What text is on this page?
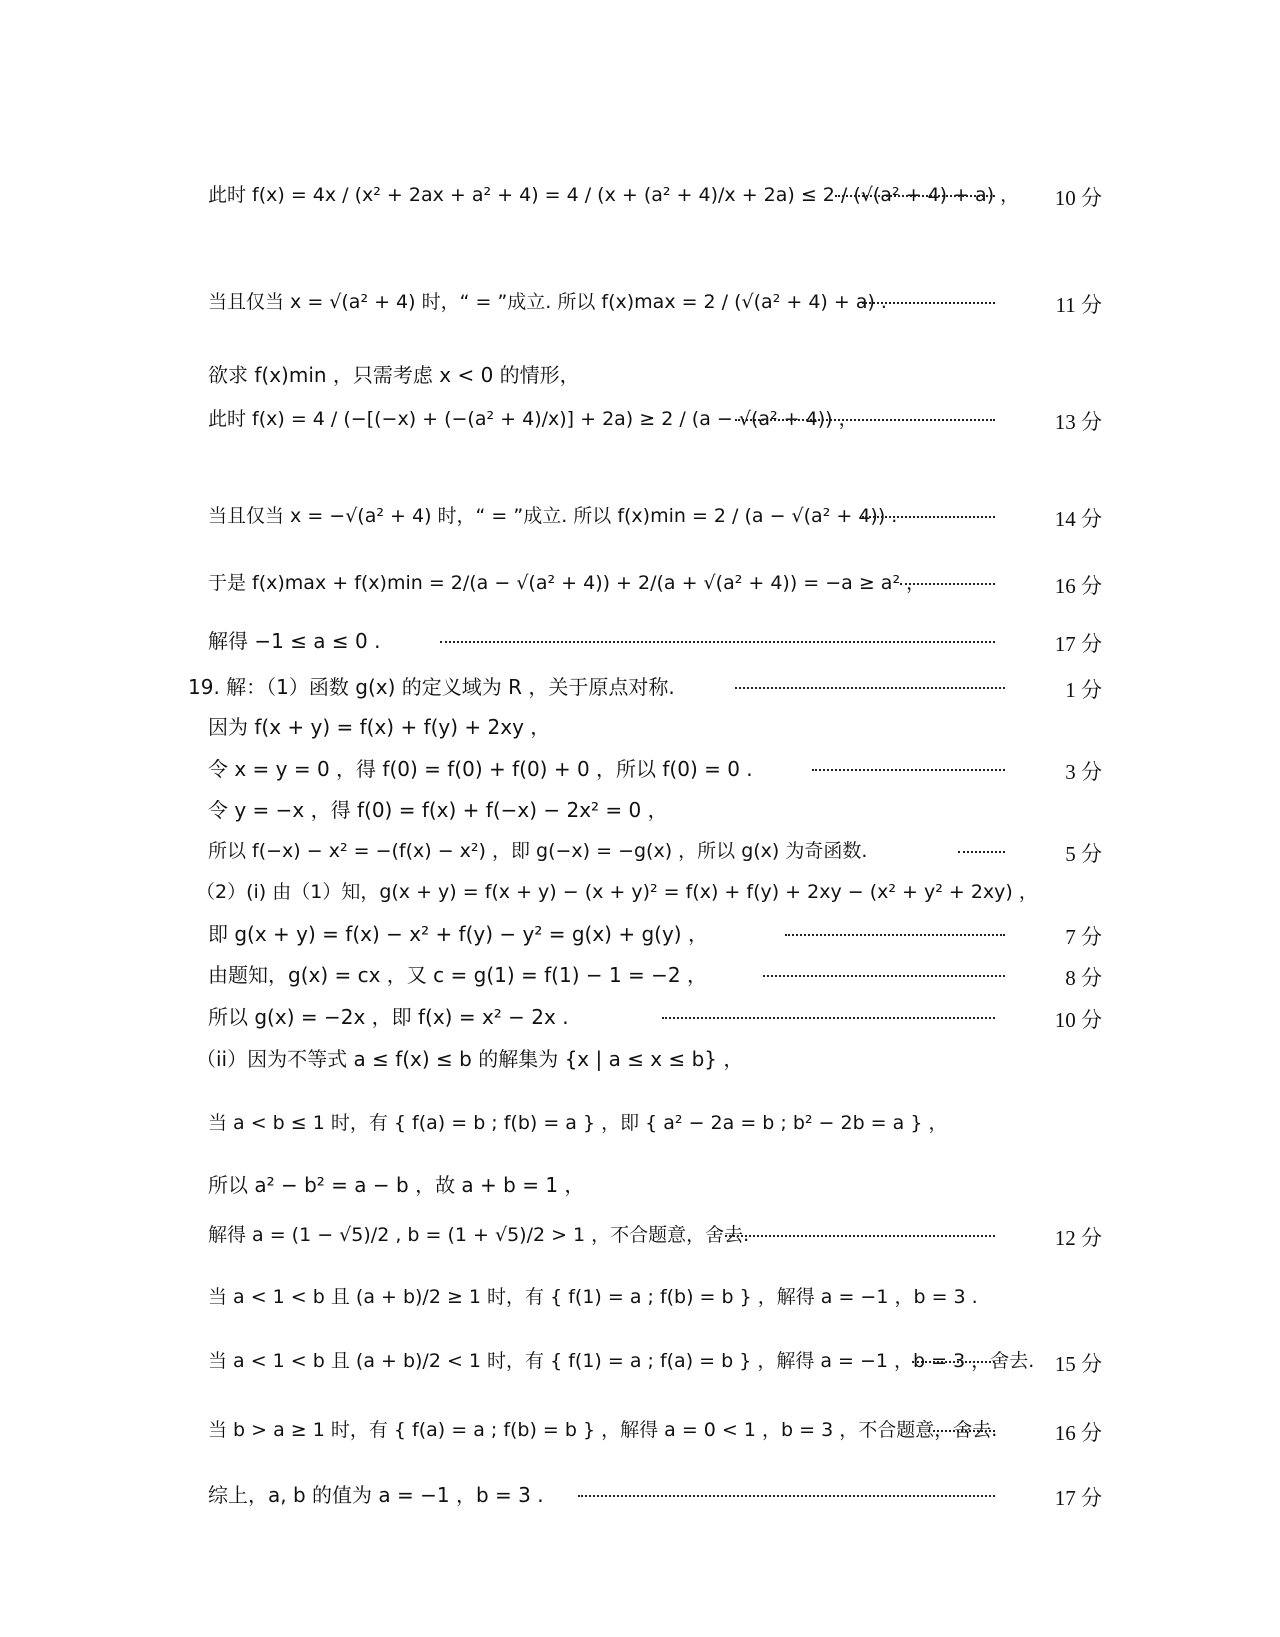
此时 f(x) = 4x / (x² + 2ax + a² + 4) = 4 / (x + (a² + 4)/x + 2a) ≤ 2 / (√(a² + 4) + a) ， 10 分
当且仅当 x = √(a² + 4) 时，“ = ”成立. 所以 f(x)max = 2 / (√(a² + 4) + a) .	11 分
欲求 f(x)min ，只需考虑 x < 0 的情形，
此时 f(x) = 4 / (−[(−x) + (−(a² + 4)/x)] + 2a) ≥ 2 / (a − √(a² + 4)) ，	13 分
当且仅当 x = −√(a² + 4) 时，“ = ”成立. 所以 f(x)min = 2 / (a − √(a² + 4)) .	14 分
于是 f(x)max + f(x)min = 2/(a − √(a² + 4)) + 2/(a + √(a² + 4)) = −a ≥ a² ，	16 分
解得 −1 ≤ a ≤ 0 .	17 分
19. 解：（1）函数 g(x) 的定义域为 R ，关于原点对称.	1 分
因为 f(x + y) = f(x) + f(y) + 2xy ，
令 x = y = 0 ，得 f(0) = f(0) + f(0) + 0 ，所以 f(0) = 0 .	3 分
令 y = −x ，得 f(0) = f(x) + f(−x) − 2x² = 0 ，
所以 f(−x) − x² = −(f(x) − x²) ，即 g(−x) = −g(x) ，所以 g(x) 为奇函数.	5 分
（2）(i) 由（1）知，g(x + y) = f(x + y) − (x + y)² = f(x) + f(y) + 2xy − (x² + y² + 2xy) ，
即 g(x + y) = f(x) − x² + f(y) − y² = g(x) + g(y) ，	7 分
由题知，g(x) = cx ，又 c = g(1) = f(1) − 1 = −2 ，	8 分
所以 g(x) = −2x ，即 f(x) = x² − 2x .	10 分
（ii）因为不等式 a ≤ f(x) ≤ b 的解集为 {x | a ≤ x ≤ b} ，
当 a < b ≤ 1 时，有 { f(a) = b ; f(b) = a } ，即 { a² − 2a = b ; b² − 2b = a } ，
所以 a² − b² = a − b ，故 a + b = 1 ，
解得 a = (1 − √5)/2 , b = (1 + √5)/2 > 1 ，不合题意，舍去.	12 分
当 a < 1 < b 且 (a + b)/2 ≥ 1 时，有 { f(1) = a ; f(b) = b } ，解得 a = −1 ，b = 3 .
当 a < 1 < b 且 (a + b)/2 < 1 时，有 { f(1) = a ; f(a) = b } ，解得 a = −1 ，b = 3 ，舍去. 15 分
当 b > a ≥ 1 时，有 { f(a) = a ; f(b) = b } ，解得 a = 0 < 1 ，b = 3 ，不合题意，舍去.	16 分
综上，a, b 的值为 a = −1 ，b = 3 .	17 分
